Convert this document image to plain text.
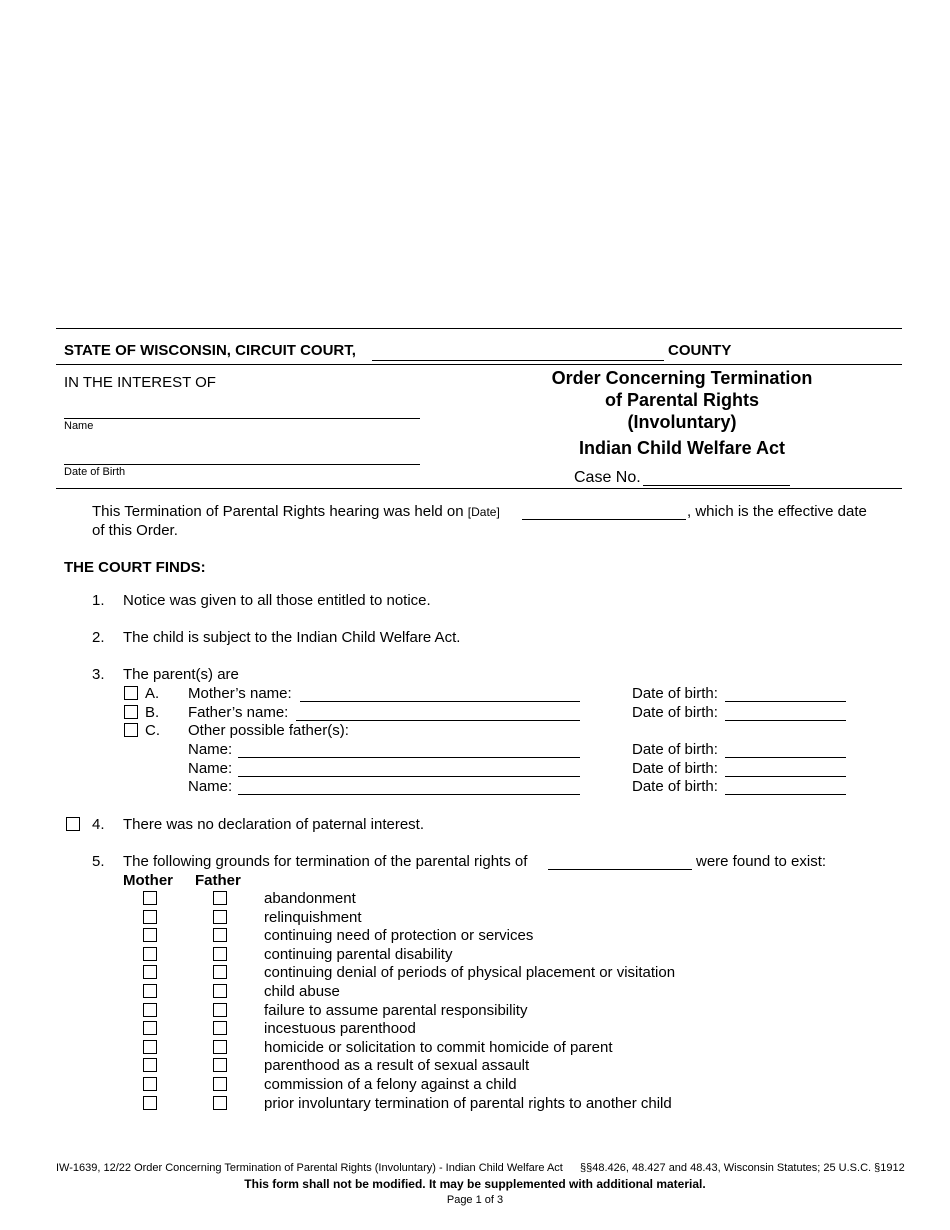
STATE OF WISCONSIN, CIRCUIT COURT,	COUNTY
IN THE INTEREST OF
Name
Date of Birth
Order Concerning Termination
of Parental Rights
(Involuntary)
Indian Child Welfare Act
Case No.
This Termination of Parental Rights hearing was held on [Date]	, which is the effective date
of this Order.
THE COURT FINDS:
1. Notice was given to all those entitled to notice.
2. The child is subject to the Indian Child Welfare Act.
3. The parent(s) are
A. Mother’s name:	Date of birth:
B. Father’s name:	Date of birth:
C. Other possible father(s):
Name:	Date of birth:
Name:	Date of birth:
Name:	Date of birth:
4. There was no declaration of paternal interest.
5. The following grounds for termination of the parental rights of	were found to exist:
Mother Father
abandonment
relinquishment
continuing need of protection or services
continuing parental disability
continuing denial of periods of physical placement or visitation
child abuse
failure to assume parental responsibility
incestuous parenthood
homicide or solicitation to commit homicide of parent
parenthood as a result of sexual assault
commission of a felony against a child
prior involuntary termination of parental rights to another child
IW-1639, 12/22 Order Concerning Termination of Parental Rights (Involuntary) - Indian Child Welfare Act §§48.426, 48.427 and 48.43, Wisconsin Statutes; 25 U.S.C. §1912
This form shall not be modified. It may be supplemented with additional material.
Page 1 of 3
